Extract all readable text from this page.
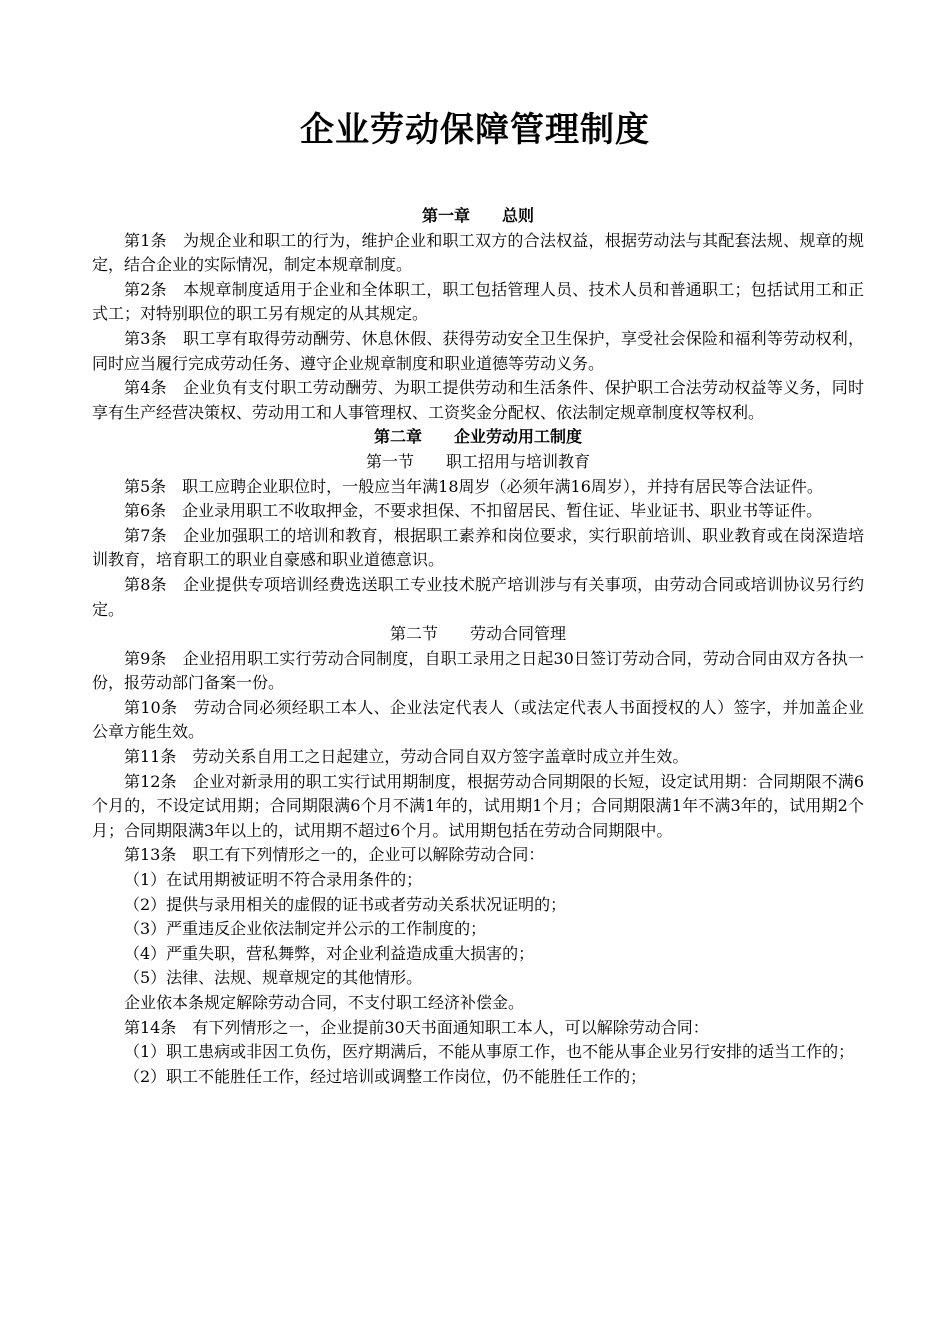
企业劳动保障管理制度

第一章　　总则

第1条　为规企业和职工的行为，维护企业和职工双方的合法权益，根据劳动法与其配套法规、规章的规定，结合企业的实际情况，制定本规章制度。

第2条　本规章制度适用于企业和全体职工，职工包括管理人员、技术人员和普通职工；包括试用工和正式工；对特别职位的职工另有规定的从其规定。

第3条　职工享有取得劳动酬劳、休息休假、获得劳动安全卫生保护，享受社会保险和福利等劳动权利，同时应当履行完成劳动任务、遵守企业规章制度和职业道德等劳动义务。

第4条　企业负有支付职工劳动酬劳、为职工提供劳动和生活条件、保护职工合法劳动权益等义务，同时享有生产经营决策权、劳动用工和人事管理权、工资奖金分配权、依法制定规章制度权等权利。

第二章　　企业劳动用工制度

第一节　　职工招用与培训教育

第5条　职工应聘企业职位时，一般应当年满18周岁（必须年满16周岁），并持有居民等合法证件。

第6条　企业录用职工不收取押金，不要求担保、不扣留居民、暂住证、毕业证书、职业书等证件。

第7条　企业加强职工的培训和教育，根据职工素养和岗位要求，实行职前培训、职业教育或在岗深造培训教育，培育职工的职业自豪感和职业道德意识。

第8条　企业提供专项培训经费选送职工专业技术脱产培训涉与有关事项，由劳动合同或培训协议另行约定。

第二节　　劳动合同管理

第9条　企业招用职工实行劳动合同制度，自职工录用之日起30日签订劳动合同，劳动合同由双方各执一份，报劳动部门备案一份。

第10条　劳动合同必须经职工本人、企业法定代表人（或法定代表人书面授权的人）签字，并加盖企业公章方能生效。

第11条　劳动关系自用工之日起建立，劳动合同自双方签字盖章时成立并生效。

第12条　企业对新录用的职工实行试用期制度，根据劳动合同期限的长短，设定试用期：合同期限不满6个月的，不设定试用期；合同期限满6个月不满1年的，试用期1个月；合同期限满1年不满3年的，试用期2个月；合同期限满3年以上的，试用期不超过6个月。试用期包括在劳动合同期限中。

第13条　职工有下列情形之一的，企业可以解除劳动合同：

（1）在试用期被证明不符合录用条件的；

（2）提供与录用相关的虚假的证书或者劳动关系状况证明的；

（3）严重违反企业依法制定并公示的工作制度的；

（4）严重失职，营私舞弊，对企业利益造成重大损害的；

（5）法律、法规、规章规定的其他情形。

企业依本条规定解除劳动合同，不支付职工经济补偿金。

第14条　有下列情形之一，企业提前30天书面通知职工本人，可以解除劳动合同：

（1）职工患病或非因工负伤，医疗期满后，不能从事原工作，也不能从事企业另行安排的适当工作的；

（2）职工不能胜任工作，经过培训或调整工作岗位，仍不能胜任工作的；
